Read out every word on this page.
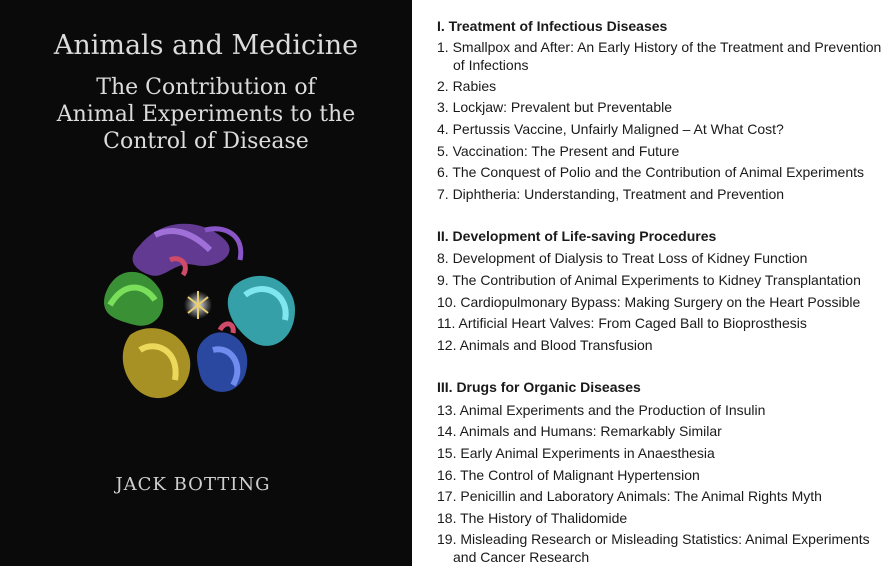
Animals and Medicine
The Contribution of
Animal Experiments to the
Control of Disease
JACK BOTTING
I. Treatment of Infectious Diseases
1. Smallpox and After: An Early History of the Treatment and Prevention of Infections
2. Rabies
3. Lockjaw: Prevalent but Preventable
4. Pertussis Vaccine, Unfairly Maligned – At What Cost?
5. Vaccination: The Present and Future
6. The Conquest of Polio and the Contribution of Animal Experiments
7. Diphtheria: Understanding, Treatment and Prevention
II. Development of Life-saving Procedures
8. Development of Dialysis to Treat Loss of Kidney Function
9. The Contribution of Animal Experiments to Kidney Transplantation
10. Cardiopulmonary Bypass: Making Surgery on the Heart Possible
11. Artificial Heart Valves: From Caged Ball to Bioprosthesis
12. Animals and Blood Transfusion
III. Drugs for Organic Diseases
13. Animal Experiments and the Production of Insulin
14. Animals and Humans: Remarkably Similar
15. Early Animal Experiments in Anaesthesia
16. The Control of Malignant Hypertension
17. Penicillin and Laboratory Animals: The Animal Rights Myth
18. The History of Thalidomide
19. Misleading Research or Misleading Statistics: Animal Experiments and Cancer Research
